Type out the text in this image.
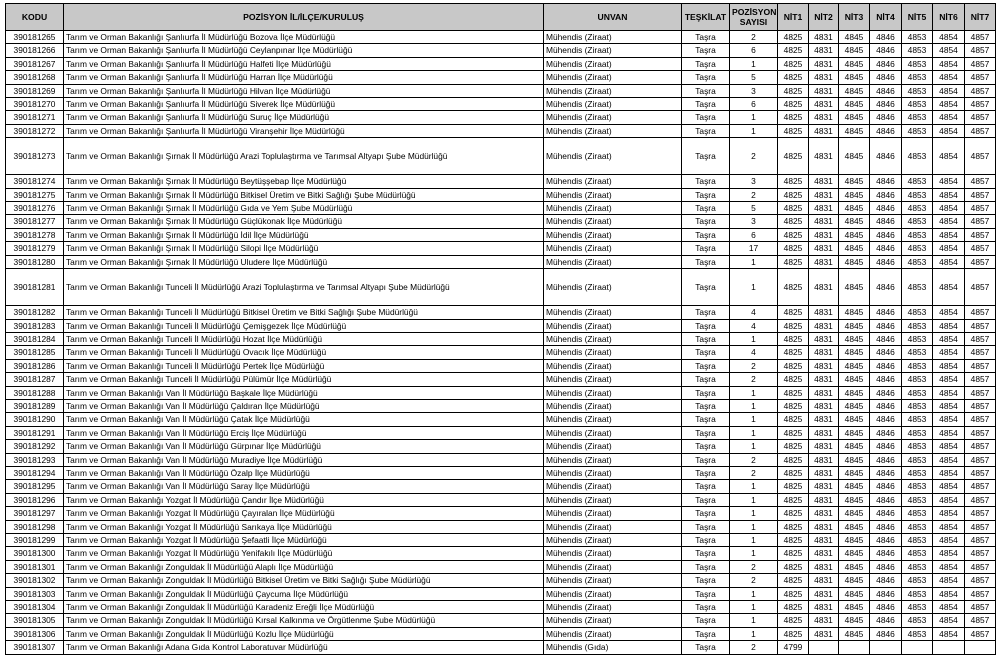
KODU	POZİSYON İL/İLÇE/KURULUŞ	UNVAN	TEŞKİLAT	POZİSYON SAYISI	NİT1	NİT2	NİT3	NİT4	NİT5	NİT6	NİT7
390181265	Tarım ve Orman Bakanlığı Şanlıurfa İl Müdürlüğü Bozova İlçe Müdürlüğü	Mühendis (Ziraat)	Taşra	2	4825	4831	4845	4846	4853	4854	4857
390181266	Tarım ve Orman Bakanlığı Şanlıurfa İl Müdürlüğü Ceylanpınar İlçe Müdürlüğü	Mühendis (Ziraat)	Taşra	6	4825	4831	4845	4846	4853	4854	4857
390181267	Tarım ve Orman Bakanlığı Şanlıurfa İl Müdürlüğü Halfeti İlçe Müdürlüğü	Mühendis (Ziraat)	Taşra	1	4825	4831	4845	4846	4853	4854	4857
390181268	Tarım ve Orman Bakanlığı Şanlıurfa İl Müdürlüğü Harran İlçe Müdürlüğü	Mühendis (Ziraat)	Taşra	5	4825	4831	4845	4846	4853	4854	4857
390181269	Tarım ve Orman Bakanlığı Şanlıurfa İl Müdürlüğü Hilvan İlçe Müdürlüğü	Mühendis (Ziraat)	Taşra	3	4825	4831	4845	4846	4853	4854	4857
390181270	Tarım ve Orman Bakanlığı Şanlıurfa İl Müdürlüğü Siverek İlçe Müdürlüğü	Mühendis (Ziraat)	Taşra	6	4825	4831	4845	4846	4853	4854	4857
390181271	Tarım ve Orman Bakanlığı Şanlıurfa İl Müdürlüğü Suruç İlçe Müdürlüğü	Mühendis (Ziraat)	Taşra	1	4825	4831	4845	4846	4853	4854	4857
390181272	Tarım ve Orman Bakanlığı Şanlıurfa İl Müdürlüğü Viranşehir İlçe Müdürlüğü	Mühendis (Ziraat)	Taşra	1	4825	4831	4845	4846	4853	4854	4857
390181273	Tarım ve Orman Bakanlığı Şırnak İl Müdürlüğü Arazi Toplulaştırma ve Tarımsal Altyapı Şube Müdürlüğü	Mühendis (Ziraat)	Taşra	2	4825	4831	4845	4846	4853	4854	4857
390181274	Tarım ve Orman Bakanlığı Şırnak İl Müdürlüğü Beytüşşebap İlçe Müdürlüğü	Mühendis (Ziraat)	Taşra	3	4825	4831	4845	4846	4853	4854	4857
390181275	Tarım ve Orman Bakanlığı Şırnak İl Müdürlüğü Bitkisel Üretim ve Bitki Sağlığı Şube Müdürlüğü	Mühendis (Ziraat)	Taşra	2	4825	4831	4845	4846	4853	4854	4857
390181276	Tarım ve Orman Bakanlığı Şırnak İl Müdürlüğü Gıda ve Yem Şube Müdürlüğü	Mühendis (Ziraat)	Taşra	5	4825	4831	4845	4846	4853	4854	4857
390181277	Tarım ve Orman Bakanlığı Şırnak İl Müdürlüğü Güçlükonak İlçe Müdürlüğü	Mühendis (Ziraat)	Taşra	3	4825	4831	4845	4846	4853	4854	4857
390181278	Tarım ve Orman Bakanlığı Şırnak İl Müdürlüğü İdil İlçe Müdürlüğü	Mühendis (Ziraat)	Taşra	6	4825	4831	4845	4846	4853	4854	4857
390181279	Tarım ve Orman Bakanlığı Şırnak İl Müdürlüğü Silopi İlçe Müdürlüğü	Mühendis (Ziraat)	Taşra	17	4825	4831	4845	4846	4853	4854	4857
390181280	Tarım ve Orman Bakanlığı Şırnak İl Müdürlüğü Uludere İlçe Müdürlüğü	Mühendis (Ziraat)	Taşra	1	4825	4831	4845	4846	4853	4854	4857
390181281	Tarım ve Orman Bakanlığı Tunceli İl Müdürlüğü Arazi Toplulaştırma ve Tarımsal Altyapı Şube Müdürlüğü	Mühendis (Ziraat)	Taşra	1	4825	4831	4845	4846	4853	4854	4857
390181282	Tarım ve Orman Bakanlığı Tunceli İl Müdürlüğü Bitkisel Üretim ve Bitki Sağlığı Şube Müdürlüğü	Mühendis (Ziraat)	Taşra	4	4825	4831	4845	4846	4853	4854	4857
390181283	Tarım ve Orman Bakanlığı Tunceli İl Müdürlüğü Çemişgezek İlçe Müdürlüğü	Mühendis (Ziraat)	Taşra	4	4825	4831	4845	4846	4853	4854	4857
390181284	Tarım ve Orman Bakanlığı Tunceli İl Müdürlüğü Hozat İlçe Müdürlüğü	Mühendis (Ziraat)	Taşra	1	4825	4831	4845	4846	4853	4854	4857
390181285	Tarım ve Orman Bakanlığı Tunceli İl Müdürlüğü Ovacık İlçe Müdürlüğü	Mühendis (Ziraat)	Taşra	4	4825	4831	4845	4846	4853	4854	4857
390181286	Tarım ve Orman Bakanlığı Tunceli İl Müdürlüğü Pertek İlçe Müdürlüğü	Mühendis (Ziraat)	Taşra	2	4825	4831	4845	4846	4853	4854	4857
390181287	Tarım ve Orman Bakanlığı Tunceli İl Müdürlüğü Pülümür İlçe Müdürlüğü	Mühendis (Ziraat)	Taşra	2	4825	4831	4845	4846	4853	4854	4857
390181288	Tarım ve Orman Bakanlığı Van İl Müdürlüğü Başkale İlçe Müdürlüğü	Mühendis (Ziraat)	Taşra	1	4825	4831	4845	4846	4853	4854	4857
390181289	Tarım ve Orman Bakanlığı Van İl Müdürlüğü Çaldıran İlçe Müdürlüğü	Mühendis (Ziraat)	Taşra	1	4825	4831	4845	4846	4853	4854	4857
390181290	Tarım ve Orman Bakanlığı Van İl Müdürlüğü Çatak İlçe Müdürlüğü	Mühendis (Ziraat)	Taşra	1	4825	4831	4845	4846	4853	4854	4857
390181291	Tarım ve Orman Bakanlığı Van İl Müdürlüğü Erciş İlçe Müdürlüğü	Mühendis (Ziraat)	Taşra	1	4825	4831	4845	4846	4853	4854	4857
390181292	Tarım ve Orman Bakanlığı Van İl Müdürlüğü Gürpınar İlçe Müdürlüğü	Mühendis (Ziraat)	Taşra	1	4825	4831	4845	4846	4853	4854	4857
390181293	Tarım ve Orman Bakanlığı Van İl Müdürlüğü Muradiye İlçe Müdürlüğü	Mühendis (Ziraat)	Taşra	2	4825	4831	4845	4846	4853	4854	4857
390181294	Tarım ve Orman Bakanlığı Van İl Müdürlüğü Özalp İlçe Müdürlüğü	Mühendis (Ziraat)	Taşra	2	4825	4831	4845	4846	4853	4854	4857
390181295	Tarım ve Orman Bakanlığı Van İl Müdürlüğü Saray İlçe Müdürlüğü	Mühendis (Ziraat)	Taşra	1	4825	4831	4845	4846	4853	4854	4857
390181296	Tarım ve Orman Bakanlığı Yozgat İl Müdürlüğü Çandır İlçe Müdürlüğü	Mühendis (Ziraat)	Taşra	1	4825	4831	4845	4846	4853	4854	4857
390181297	Tarım ve Orman Bakanlığı Yozgat İl Müdürlüğü Çayıralan İlçe Müdürlüğü	Mühendis (Ziraat)	Taşra	1	4825	4831	4845	4846	4853	4854	4857
390181298	Tarım ve Orman Bakanlığı Yozgat İl Müdürlüğü Sarıkaya İlçe Müdürlüğü	Mühendis (Ziraat)	Taşra	1	4825	4831	4845	4846	4853	4854	4857
390181299	Tarım ve Orman Bakanlığı Yozgat İl Müdürlüğü Şefaatli İlçe Müdürlüğü	Mühendis (Ziraat)	Taşra	1	4825	4831	4845	4846	4853	4854	4857
390181300	Tarım ve Orman Bakanlığı Yozgat İl Müdürlüğü Yenifakılı İlçe Müdürlüğü	Mühendis (Ziraat)	Taşra	1	4825	4831	4845	4846	4853	4854	4857
390181301	Tarım ve Orman Bakanlığı Zonguldak İl Müdürlüğü Alaplı İlçe Müdürlüğü	Mühendis (Ziraat)	Taşra	2	4825	4831	4845	4846	4853	4854	4857
390181302	Tarım ve Orman Bakanlığı Zonguldak İl Müdürlüğü Bitkisel Üretim ve Bitki Sağlığı Şube Müdürlüğü	Mühendis (Ziraat)	Taşra	2	4825	4831	4845	4846	4853	4854	4857
390181303	Tarım ve Orman Bakanlığı Zonguldak İl Müdürlüğü Çaycuma İlçe Müdürlüğü	Mühendis (Ziraat)	Taşra	1	4825	4831	4845	4846	4853	4854	4857
390181304	Tarım ve Orman Bakanlığı Zonguldak İl Müdürlüğü Karadeniz Ereğli İlçe Müdürlüğü	Mühendis (Ziraat)	Taşra	1	4825	4831	4845	4846	4853	4854	4857
390181305	Tarım ve Orman Bakanlığı Zonguldak İl Müdürlüğü Kırsal Kalkınma ve Örgütlenme Şube Müdürlüğü	Mühendis (Ziraat)	Taşra	1	4825	4831	4845	4846	4853	4854	4857
390181306	Tarım ve Orman Bakanlığı Zonguldak İl Müdürlüğü Kozlu İlçe Müdürlüğü	Mühendis (Ziraat)	Taşra	1	4825	4831	4845	4846	4853	4854	4857
390181307	Tarım ve Orman Bakanlığı Adana Gıda Kontrol Laboratuvar Müdürlüğü	Mühendis (Gıda)	Taşra	2	4799						
